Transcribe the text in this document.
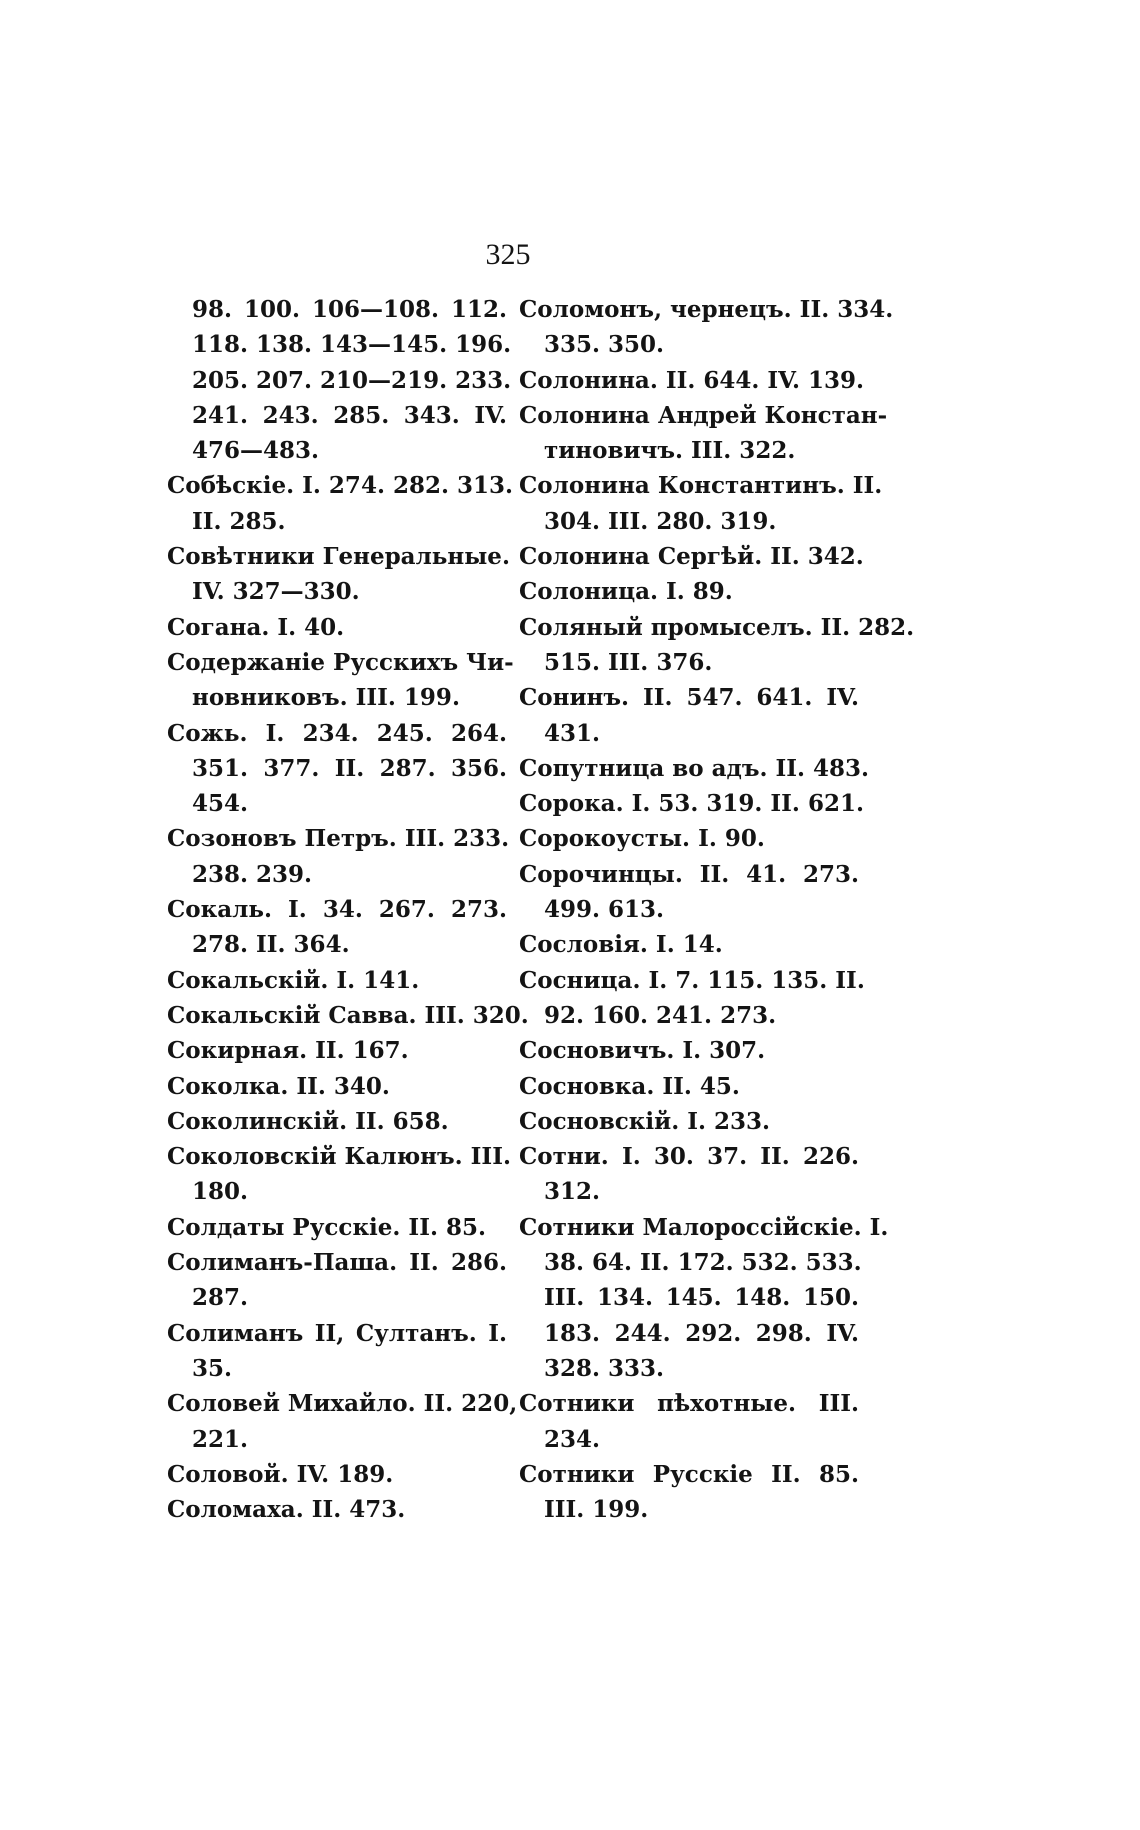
325
98. 100. 106—108. 112.
118. 138. 143—145. 196.
205. 207. 210—219. 233.
241. 243. 285. 343. IV.
476—483.
Собѣскіе. I. 274. 282. 313.
II. 285.
Совѣтники Генеральные.
IV. 327—330.
Согана. I. 40.
Содержаніе Русскихъ Чи-
новниковъ. III. 199.
Сожь. I. 234. 245. 264.
351. 377. II. 287. 356.
454.
Созоновъ Петръ. III. 233.
238. 239.
Сокаль. I. 34. 267. 273.
278. II. 364.
Сокальскій. I. 141.
Сокальскій Савва. III. 320.
Сокирная. II. 167.
Соколка. II. 340.
Соколинскій. II. 658.
Соколовскій Калюнъ. III.
180.
Солдаты Русскіе. II. 85.
Солиманъ-Паша. II. 286.
287.
Солиманъ II, Султанъ. I.
35.
Соловей Михайло. II. 220,
221.
Соловой. IV. 189.
Соломаха. II. 473.
Соломонъ, чернецъ. II. 334.
335. 350.
Солонина. II. 644. IV. 139.
Солонина Андрей Констан-
тиновичъ. III. 322.
Солонина Константинъ. II.
304. III. 280. 319.
Солонина Сергѣй. II. 342.
Солоница. I. 89.
Соляный промыселъ. II. 282.
515. III. 376.
Сонинъ. II. 547. 641. IV.
431.
Сопутница во адъ. II. 483.
Сорока. I. 53. 319. II. 621.
Сорокоусты. I. 90.
Сорочинцы. II. 41. 273.
499. 613.
Сословія. I. 14.
Сосница. I. 7. 115. 135. II.
92. 160. 241. 273.
Сосновичъ. I. 307.
Сосновка. II. 45.
Сосновскій. I. 233.
Сотни. I. 30. 37. II. 226.
312.
Сотники Малороссійскіе. I.
38. 64. II. 172. 532. 533.
III. 134. 145. 148. 150.
183. 244. 292. 298. IV.
328. 333.
Сотники пѣхотные. III.
234.
Сотники Русскіе II. 85.
III. 199.
